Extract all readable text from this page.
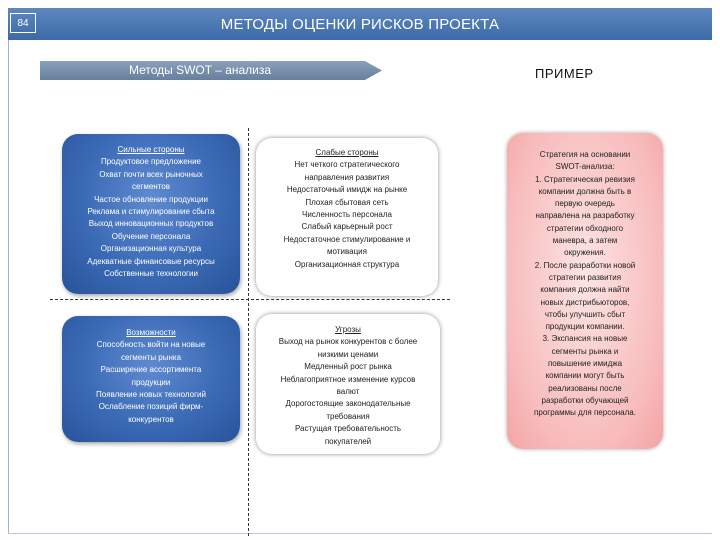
84	МЕТОДЫ ОЦЕНКИ РИСКОВ ПРОЕКТА
Методы SWOT – анализа	ПРИМЕР
Сильные стороны
Продуктовое предложение
Охват почти всех рыночных
сегментов
Частое обновление продукции
Реклама и стимулирование сбыта
Выход инновационных продуктов
Обучение персонала
Организационная культура
Адекватные финансовые ресурсы
Собственные технологии
Слабые стороны
Нет четкого стратегического
направления развития
Недостаточный имидж на рынке
Плохая сбытовая сеть
Численность персонала
Слабый карьерный рост
Недостаточное стимулирование и
мотивация
Организационная структура
Возможности
Способность войти на новые
сегменты рынка
Расширение ассортимента
продукции
Появление новых технологий
Ослабление позиций фирм-
конкурентов
Угрозы
Выход на рынок конкурентов с более
низкими ценами
Медленный рост рынка
Неблагоприятное изменение курсов
валют
Дорогостоящие законодательные
требования
Растущая требовательность
покупателей
Стратегия на основании
SWOT-анализа:
1. Стратегическая ревизия
компании должна быть в
первую очередь
направлена на разработку
стратегии обходного
маневра, а затем
окружения.
2. После разработки новой
стратегии развития
компания должна найти
новых дистрибьюторов,
чтобы улучшить сбыт
продукции компании.
3. Экспансия на новые
сегменты рынка и
повышение имиджа
компании могут быть
реализованы после
разработки обучающей
программы для персонала.
